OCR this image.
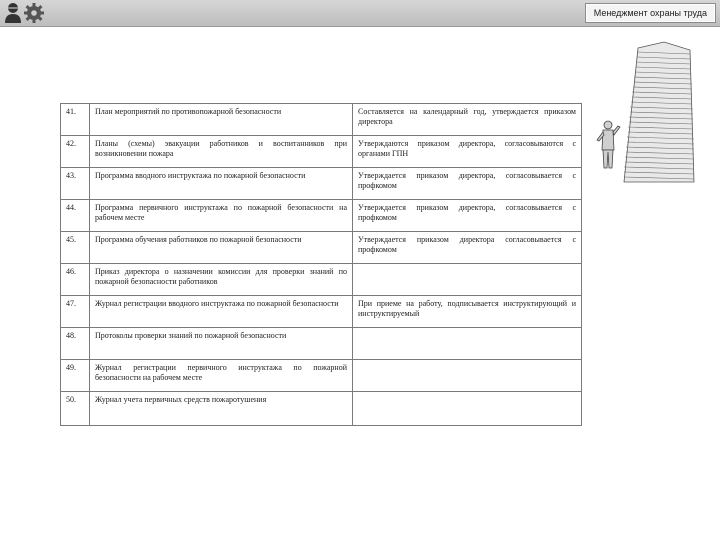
Менеджмент охраны труда
41.	План мероприятий по противопожарной безопасности	Составляется на календарный год, утверждается приказом директора
42.	Планы (схемы) эвакуации работников и воспитанников при возникновении пожара	Утверждаются приказом директора, согласовываются с органами ГПН
43.	Программа вводного инструктажа по пожарной безопасности	Утверждается приказом директора, согласовывается с профкомом
44.	Программа первичного инструктажа по пожарной безопасности на рабочем месте	Утверждается приказом директора, согласовывается с профкомом
45.	Программа обучения работников по пожарной безопасности	Утверждается приказом директора согласовывается с профкомом
46.	Приказ директора о назначении комиссии для проверки знаний по пожарной безопасности работников	
47.	Журнал регистрации вводного инструктажа по пожарной безопасности	При приеме на работу, подписывается инструктирующий и инструктируемый
48.	Протоколы проверки знаний по пожарной безопасности	
49.	Журнал регистрации первичного инструктажа по пожарной безопасности на рабочем месте	
50.	Журнал учета первичных средств пожаротушения	
